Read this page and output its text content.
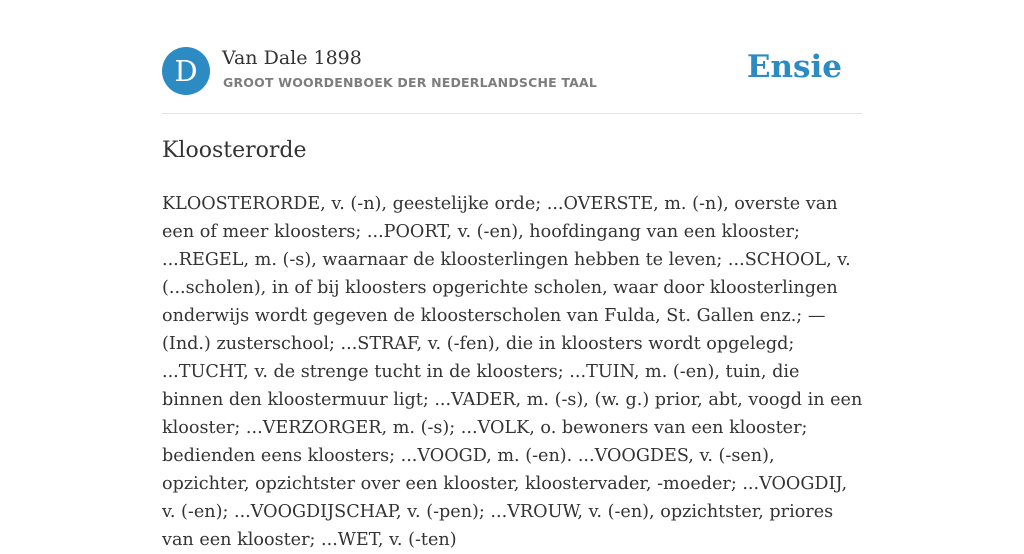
D	Van Dale 1898
GROOT WOORDENBOEK DER NEDERLANDSCHE TAAL	Ensie
Kloosterorde

KLOOSTERORDE, v. (-n), geestelijke orde; ...OVERSTE, m. (-n), overste van een of meer kloosters; ...POORT, v. (-en), hoofdingang van een klooster; ...REGEL, m. (-s), waarnaar de kloosterlingen hebben te leven; ...SCHOOL, v. (...scholen), in of bij kloosters opgerichte scholen, waar door kloosterlingen onderwijs wordt gegeven de kloosterscholen van Fulda, St. Gallen enz.; — (Ind.) zusterschool; ...STRAF, v. (-fen), die in kloosters wordt opgelegd; ...TUCHT, v. de strenge tucht in de kloosters; ...TUIN, m. (-en), tuin, die binnen den kloostermuur ligt; ...VADER, m. (-s), (w. g.) prior, abt, voogd in een klooster; ...VERZORGER, m. (-s); ...VOLK, o. bewoners van een klooster; bedienden eens kloosters; ...VOOGD, m. (-en). ...VOOGDES, v. (-sen), opzichter, opzichtster over een klooster, kloostervader, -moeder; ...VOOGDIJ, v. (-en); ...VOOGDIJSCHAP, v. (-pen); ...VROUW, v. (-en), opzichtster, priores van een klooster; ...WET, v. (-ten)
